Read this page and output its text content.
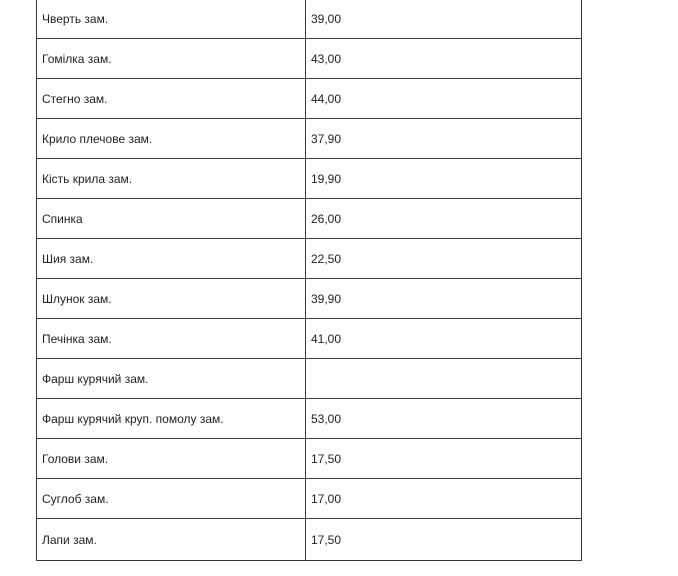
Чверть зам.	39,00
Гомілка зам.	43,00
Стегно зам.	44,00
Крило плечове зам.	37,90
Кість крила зам.	19,90
Спинка	26,00
Шия зам.	22,50
Шлунок зам.	39,90
Печінка зам.	41,00
Фарш курячий зам.	
Фарш курячий круп. помолу зам.	53,00
Голови зам.	17,50
Суглоб зам.	17,00
Лапи зам.	17,50
